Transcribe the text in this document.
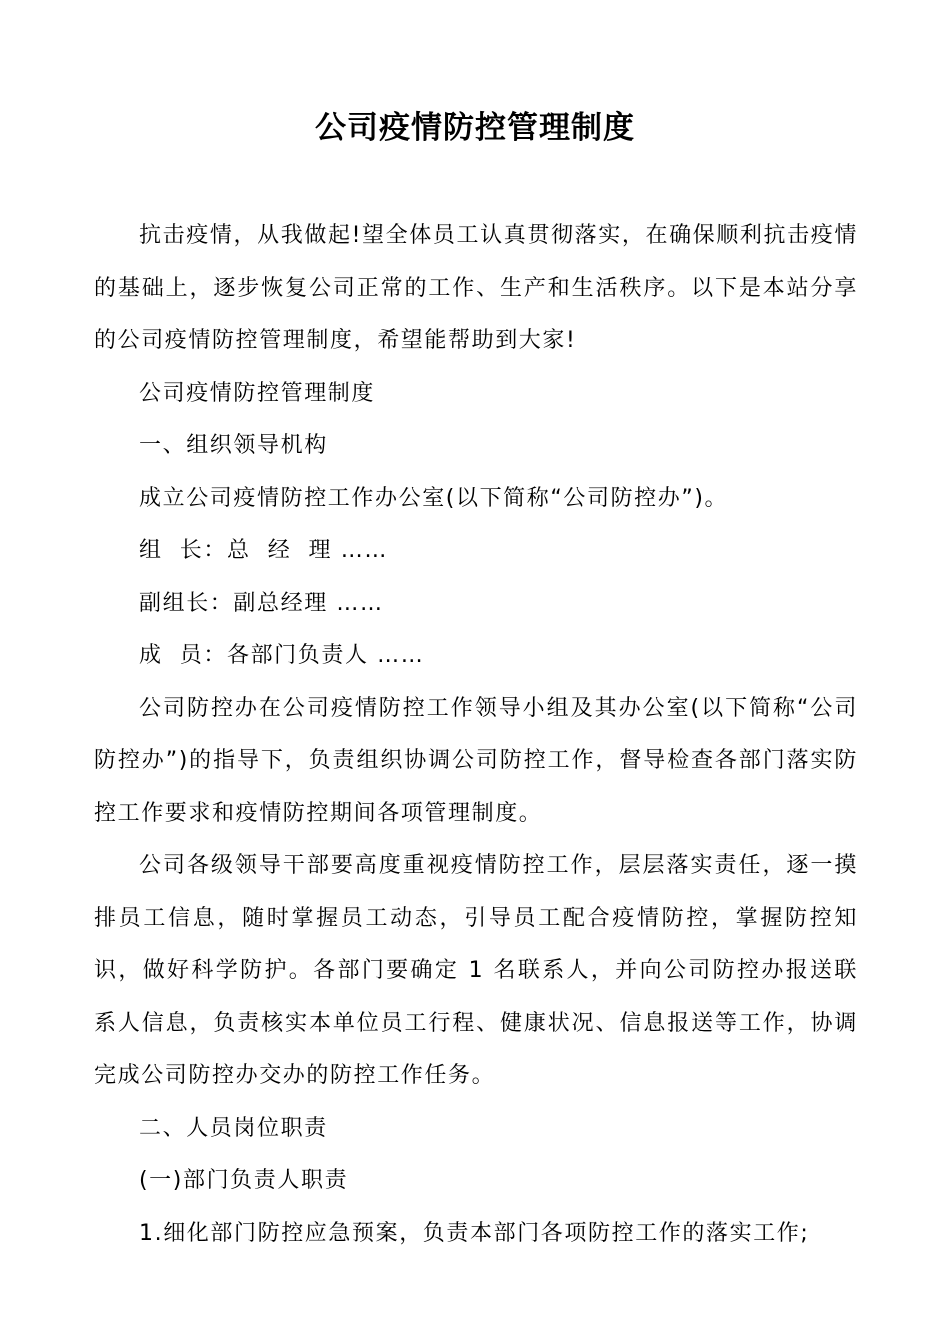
公司疫情防控管理制度

抗击疫情，从我做起!望全体员工认真贯彻落实，在确保顺利抗击疫情的基础上，逐步恢复公司正常的工作、生产和生活秩序。以下是本站分享的公司疫情防控管理制度，希望能帮助到大家!

公司疫情防控管理制度

一、组织领导机构

成立公司疫情防控工作办公室(以下简称“公司防控办”)。

组  长：总  经  理 ……

副组长：副总经理 ……

成  员：各部门负责人 ……

公司防控办在公司疫情防控工作领导小组及其办公室(以下简称“公司防控办”)的指导下，负责组织协调公司防控工作，督导检查各部门落实防控工作要求和疫情防控期间各项管理制度。

公司各级领导干部要高度重视疫情防控工作，层层落实责任，逐一摸排员工信息，随时掌握员工动态，引导员工配合疫情防控，掌握防控知识，做好科学防护。各部门要确定 1 名联系人，并向公司防控办报送联系人信息，负责核实本单位员工行程、健康状况、信息报送等工作，协调完成公司防控办交办的防控工作任务。

二、人员岗位职责

(一)部门负责人职责

1.细化部门防控应急预案，负责本部门各项防控工作的落实工作;
